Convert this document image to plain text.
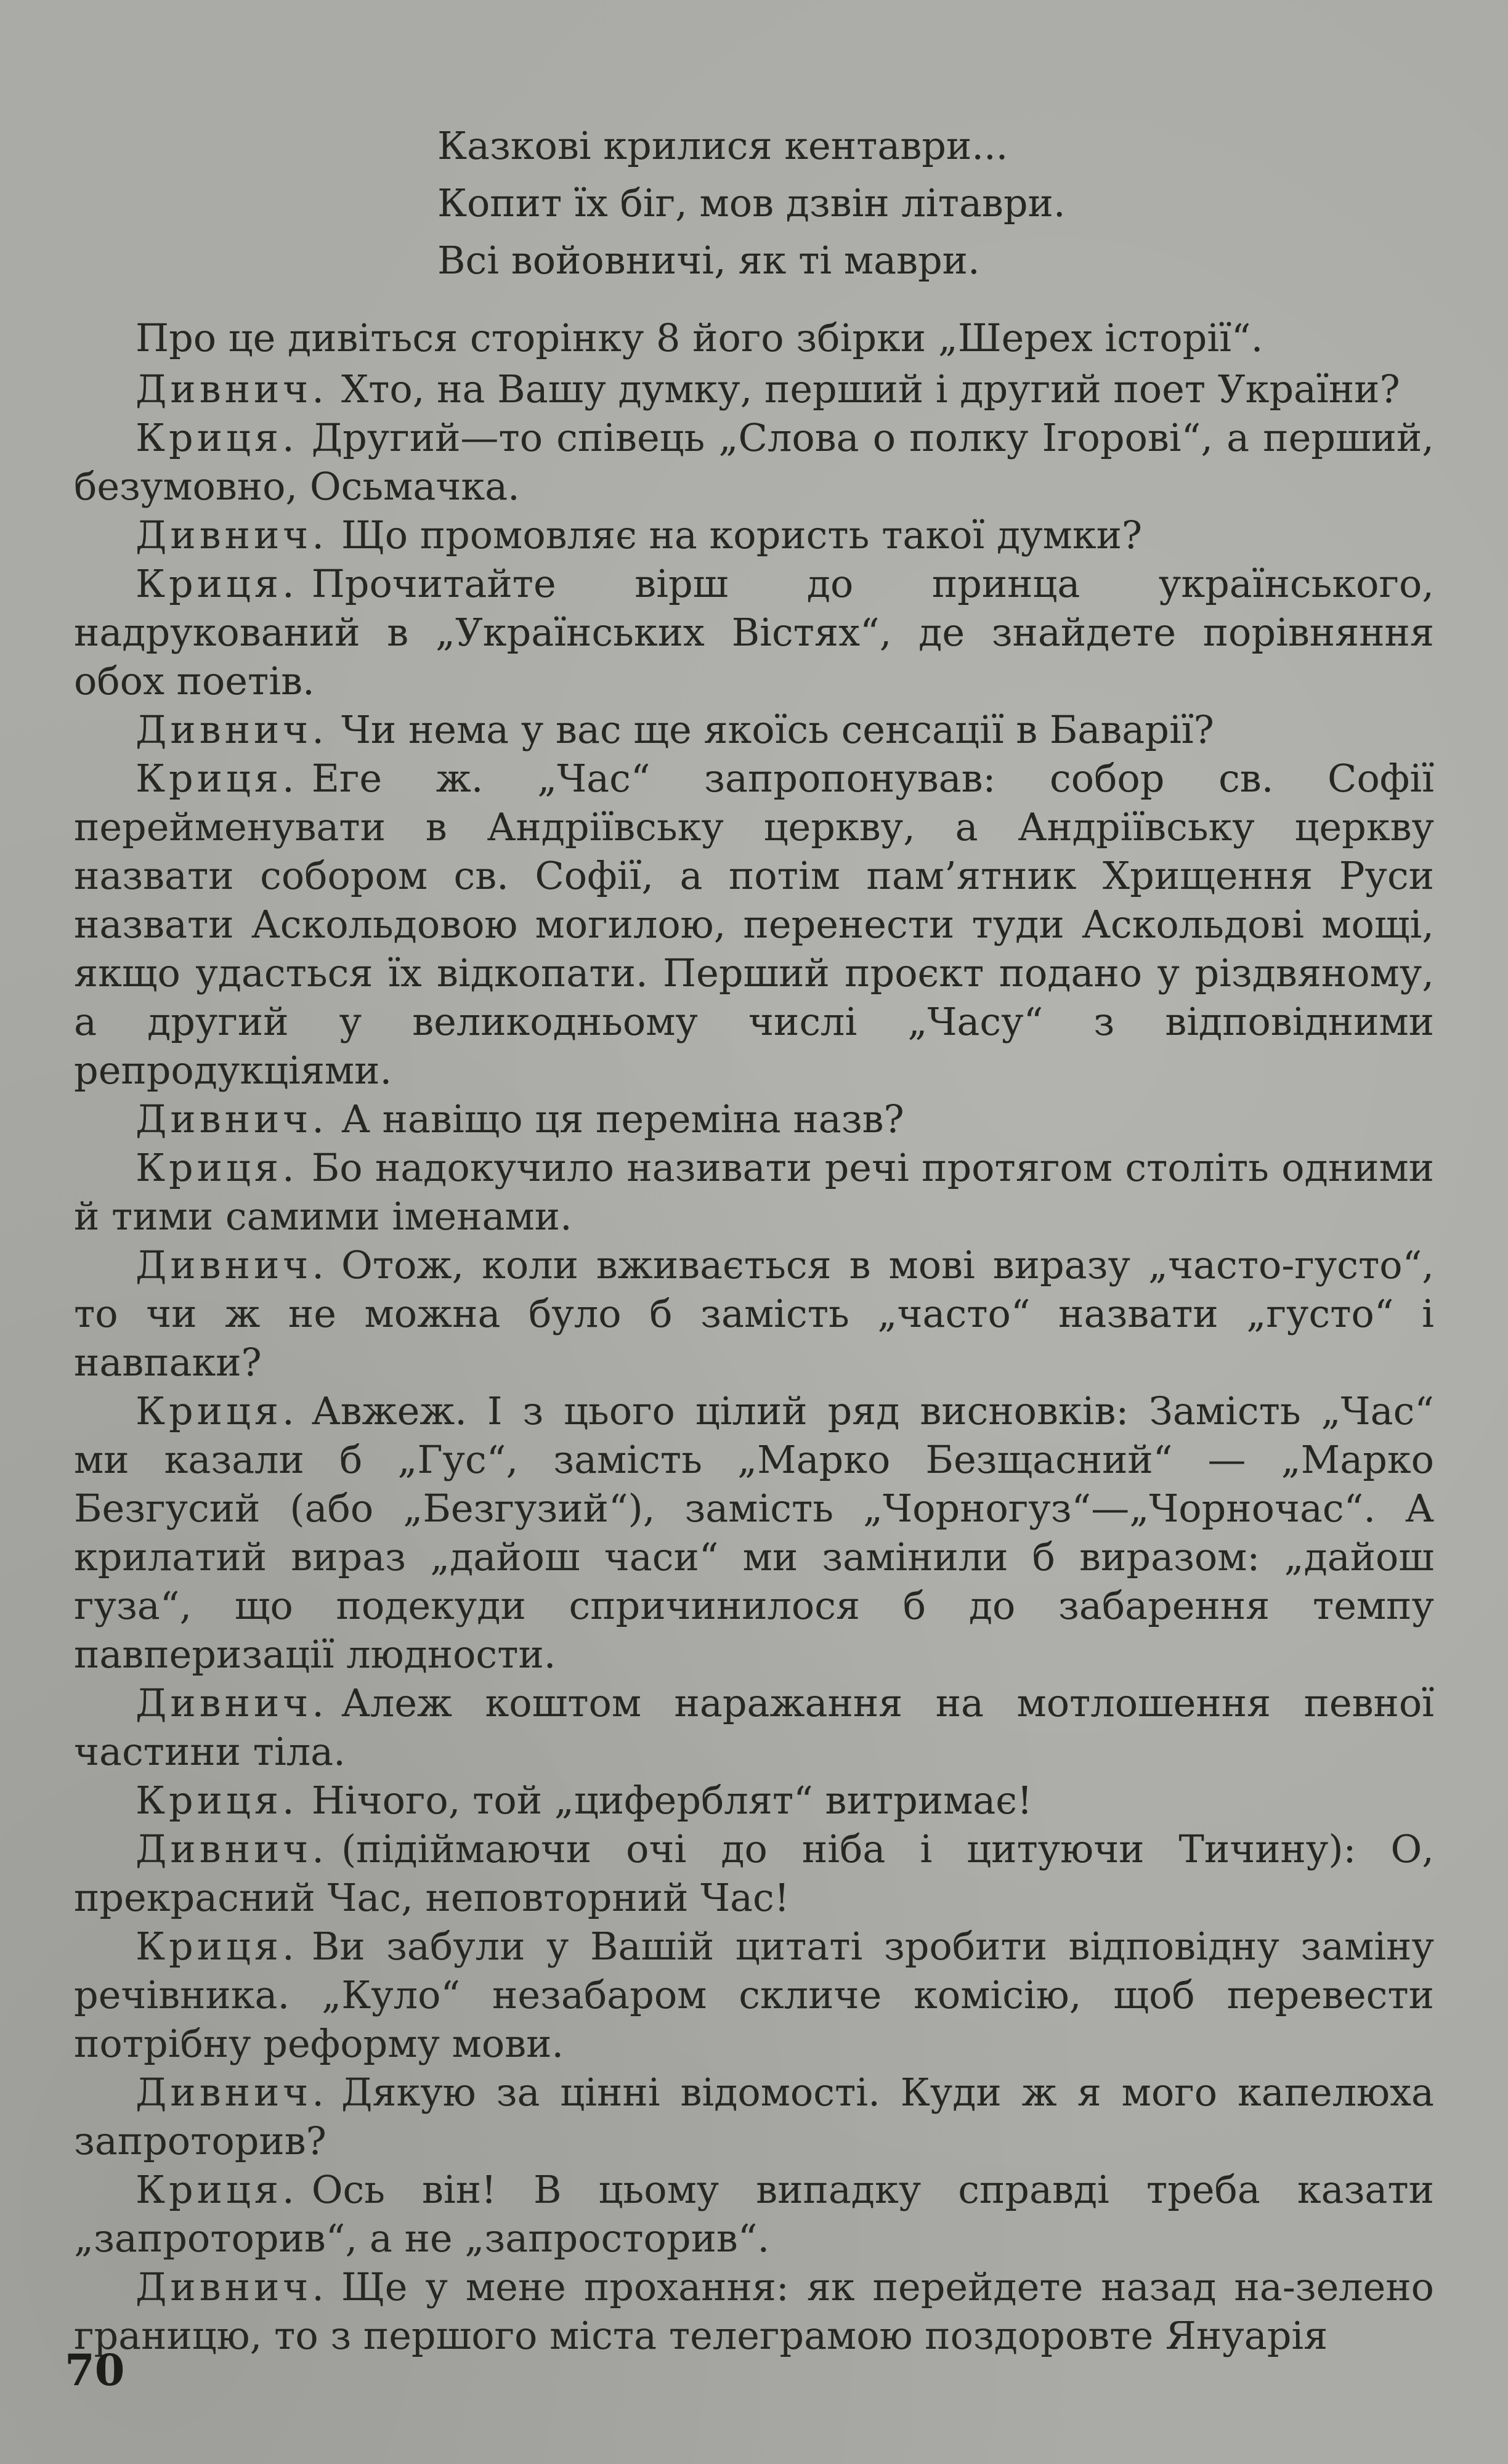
Казкові крилися кентаври...
Копит їх біг, мов дзвін літаври.
Всі войовничі, як ті маври.

Про це дивіться сторінку 8 його збірки „Шерех історії“.

Дивнич. Хто, на Вашу думку, перший і другий поет України?

Криця. Другий—то співець „Слова о полку Ігорові“, а перший, безумовно, Осьмачка.

Дивнич. Що промовляє на користь такої думки?

Криця. Прочитайте вірш до принца українського, надрукований в „Українських Вістях“, де знайдете порівняння обох поетів.

Дивнич. Чи нема у вас ще якоїсь сенсації в Баварії?

Криця. Еге ж. „Час“ запропонував: собор св. Софії перейменувати в Андріївську церкву, а Андріївську церкву назвати собором св. Софії, а потім пам’ятник Хрищення Руси назвати Аскольдовою могилою, перенести туди Аскольдові мощі, якщо удасться їх відкопати. Перший проєкт подано у різдвяному, а другий у великодньому числі „Часу“ з відповідними репродукціями.

Дивнич. А навіщо ця переміна назв?

Криця. Бо надокучило називати речі протягом століть одними й тими самими іменами.

Дивнич. Отож, коли вживається в мові виразу „часто-густо“, то чи ж не можна було б замість „часто“ назвати „густо“ і навпаки?

Криця. Авжеж. І з цього цілий ряд висновків: Замість „Час“ ми казали б „Гус“, замість „Марко Безщасний“ — „Марко Безгусий (або „Безгузий“), замість „Чорногуз“—„Чорночас“. А крилатий вираз „дайош часи“ ми замінили б виразом: „дайош гуза“, що подекуди спричинилося б до забарення темпу павперизації людности.

Дивнич. Алеж коштом наражання на мотлошення певної частини тіла.

Криця. Нічого, той „циферблят“ витримає!

Дивнич. (підіймаючи очі до ніба і цитуючи Тичину): О, прекрасний Час, неповторний Час!

Криця. Ви забули у Вашій цитаті зробити відповідну заміну речівника. „Куло“ незабаром скличе комісію, щоб перевести потрібну реформу мови.

Дивнич. Дякую за цінні відомості. Куди ж я мого капелюха запроторив?

Криця. Ось він! В цьому випадку справді треба казати „запроторив“, а не „запросторив“.

Дивнич. Ще у мене прохання: як перейдете назад на-зелено границю, то з першого міста телеграмою поздоровте Януарія

70
